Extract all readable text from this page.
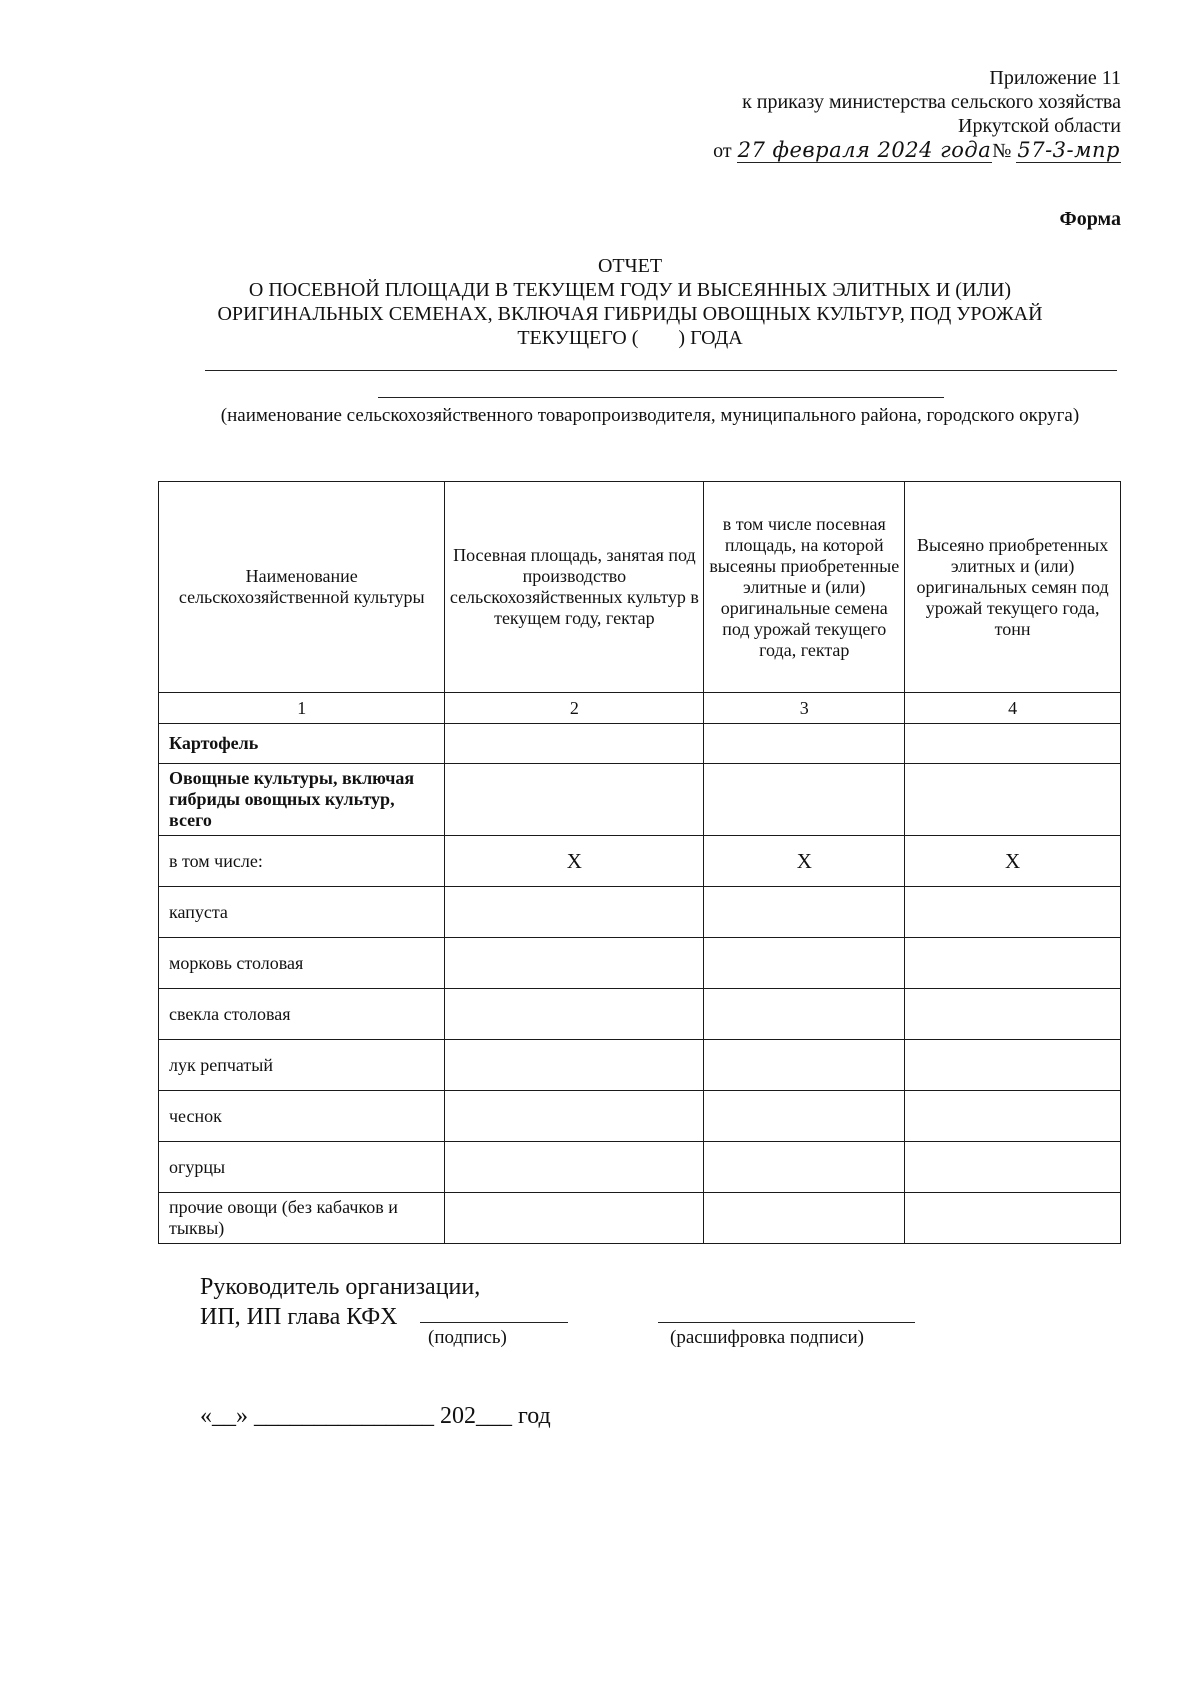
Приложение 11
к приказу министерства сельского хозяйства
Иркутской области
от 27 февраля 2024 года№ 57-3-мпр
Форма
ОТЧЕТ
О ПОСЕВНОЙ ПЛОЩАДИ В ТЕКУЩЕМ ГОДУ И ВЫСЕЯННЫХ ЭЛИТНЫХ И (ИЛИ)
ОРИГИНАЛЬНЫХ СЕМЕНАХ, ВКЛЮЧАЯ ГИБРИДЫ ОВОЩНЫХ КУЛЬТУР, ПОД УРОЖАЙ
ТЕКУЩЕГО (        ) ГОДА
(наименование сельскохозяйственного товаропроизводителя, муниципального района, городского округа)
Наименование сельскохозяйственной культуры	Посевная площадь, занятая под производство сельскохозяйственных культур в текущем году, гектар	в том числе посевная площадь, на которой высеяны приобретенные элитные и (или) оригинальные семена под урожай текущего года, гектар	Высеяно приобретенных элитных и (или) оригинальных семян под урожай текущего года, тонн
1	2	3	4
Картофель			
Овощные культуры, включая гибриды овощных культур, всего			
в том числе:	Х	Х	Х
капуста			
морковь столовая			
свекла столовая			
лук репчатый			
чеснок			
огурцы			
прочие овощи (без кабачков и тыквы)			
Руководитель организации,
ИП, ИП глава КФХ
(подпись)	(расшифровка подписи)
«__» _______________ 202___ год
